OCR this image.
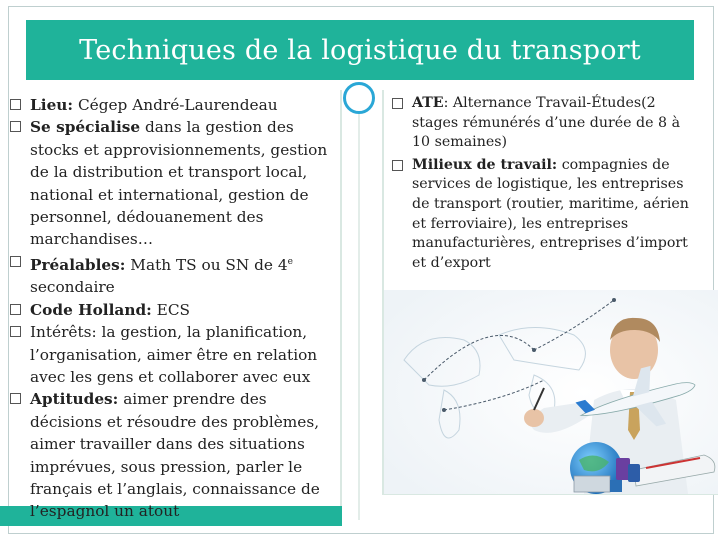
Techniques de la logistique du transport
Lieu: Cégep André-Laurendeau
Se spécialise dans la gestion des stocks et approvisionnements, gestion de la distribution et transport local, national et international, gestion de personnel, dédouanement des marchandises…
Préalables: Math TS ou SN de 4e secondaire
Code Holland: ECS
Intérêts: la gestion, la planification, l’organisation, aimer être en relation avec les gens et collaborer avec eux
Aptitudes: aimer prendre des décisions et résoudre des problèmes, aimer travailler dans des situations imprévues, sous pression, parler le français et l’anglais, connaissance de l’espagnol un atout
ATE: Alternance Travail-Études(2 stages rémunérés d’une durée de 8 à 10 semaines)
Milieux de travail: compagnies de services de logistique, les entreprises de transport (routier, maritime, aérien et ferroviaire), les entreprises manufacturières, entreprises d’import et d’export
